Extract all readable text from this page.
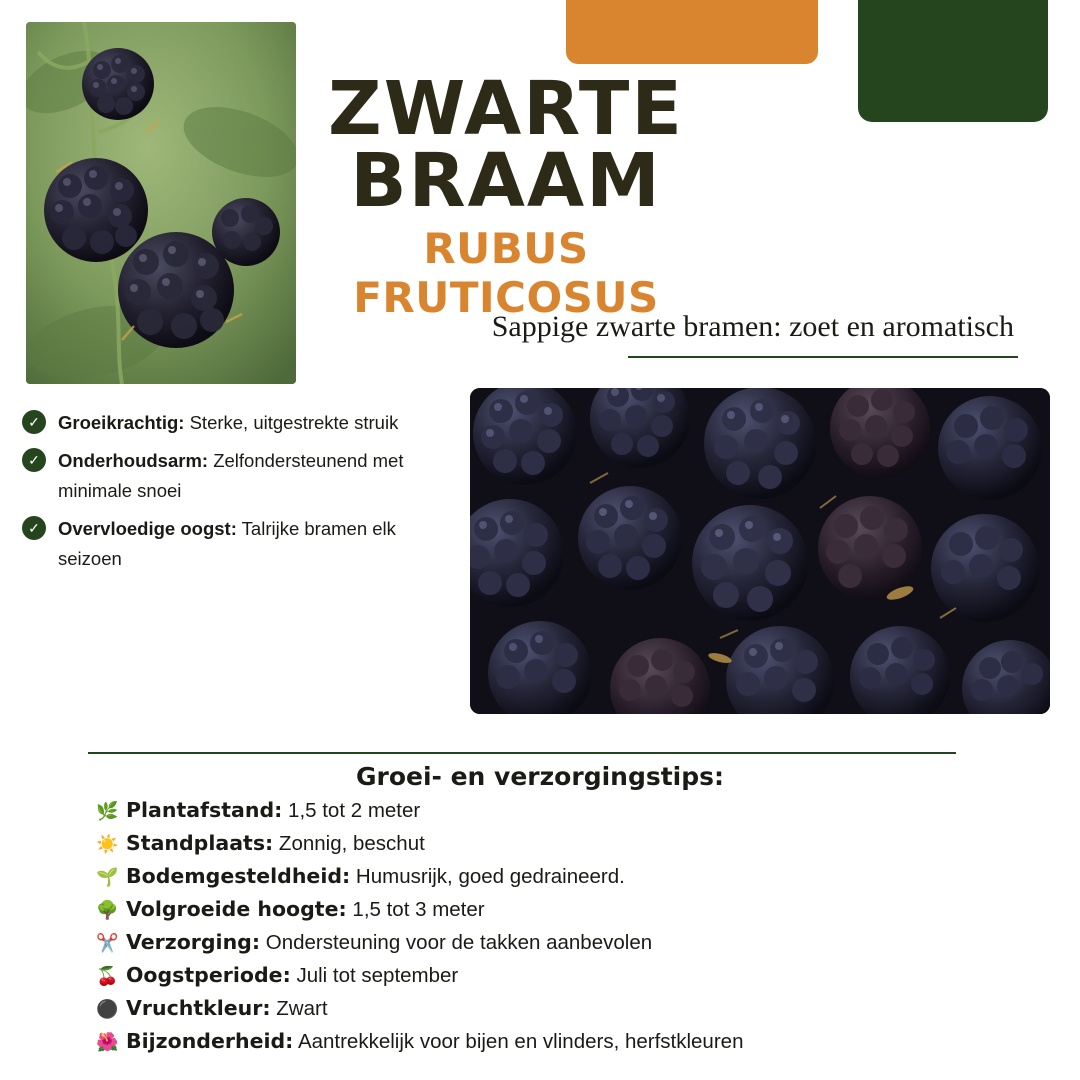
ZWARTE
BRAAM
RUBUS FRUTICOSUS
Sappige zwarte bramen: zoet en aromatisch
✓ Groeikrachtig: Sterke, uitgestrekte struik
✓ Onderhoudsarm: Zelfondersteunend met minimale snoei
✓ Overvloedige oogst: Talrijke bramen elk seizoen
Groei- en verzorgingstips:
🌿 Plantafstand: 1,5 tot 2 meter
☀️ Standplaats: Zonnig, beschut
🌱 Bodemgesteldheid: Humusrijk, goed gedraineerd.
🌳 Volgroeide hoogte: 1,5 tot 3 meter
✂️ Verzorging: Ondersteuning voor de takken aanbevolen
🍒 Oogstperiode: Juli tot september
⚫ Vruchtkleur: Zwart
🌺 Bijzonderheid: Aantrekkelijk voor bijen en vlinders, herfstkleuren
